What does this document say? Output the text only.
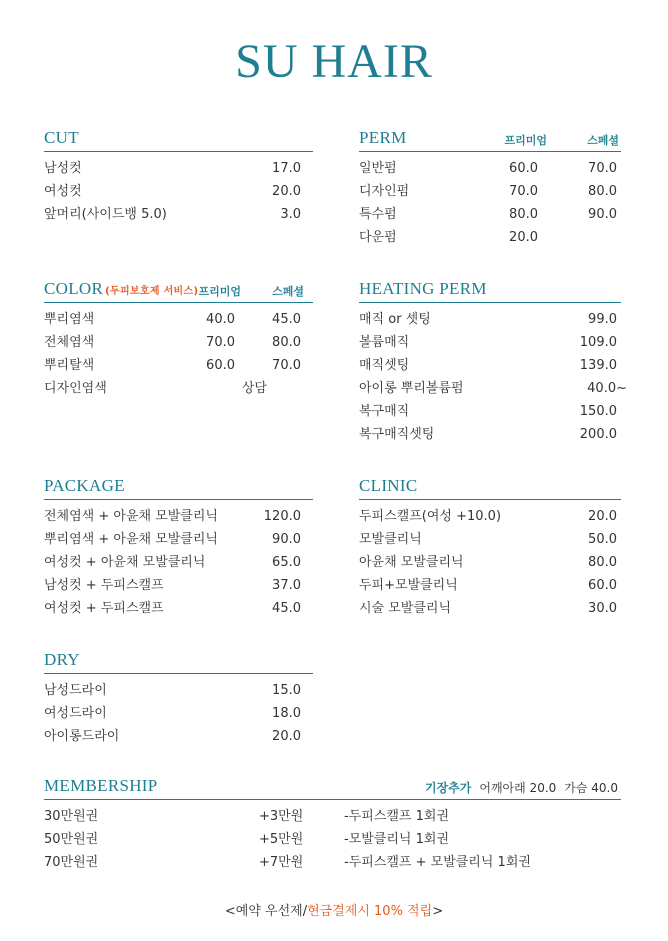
SU HAIR
CUT
남성컷	17.0
여성컷	20.0
앞머리(사이드뱅 5.0)	3.0
PERM	프리미엄	스페셜
일반펌	60.0	70.0
디자인펌	70.0	80.0
특수펌	80.0	90.0
다운펌	20.0
COLOR (두피보호제 서비스) 프리미엄	스페셜
뿌리염색	40.0	45.0
전체염색	70.0	80.0
뿌리탈색	60.0	70.0
디자인염색	상담
HEATING PERM
매직 or 셋팅	99.0
볼륨매직	109.0
매직셋팅	139.0
아이롱 뿌리볼륨펌	40.0~
복구매직	150.0
복구매직셋팅	200.0
PACKAGE
전체염색 + 아윤채 모발클리닉	120.0
뿌리염색 + 아윤채 모발클리닉	90.0
여성컷 + 아윤채 모발클리닉	65.0
남성컷 + 두피스캘프	37.0
여성컷 + 두피스캘프	45.0
CLINIC
두피스캘프(여성 +10.0)	20.0
모발클리닉	50.0
아윤채 모발클리닉	80.0
두피+모발클리닉	60.0
시술 모발클리닉	30.0
DRY
남성드라이	15.0
여성드라이	18.0
아이롱드라이	20.0
MEMBERSHIP	기장추가 어깨아래 20.0 가슴 40.0
30만원권	+3만원	-두피스캘프 1회권
50만원권	+5만원	-모발클리닉 1회권
70만원권	+7만원	-두피스캘프 + 모발클리닉 1회권
<예약 우선제/현금결제시 10% 적립>
